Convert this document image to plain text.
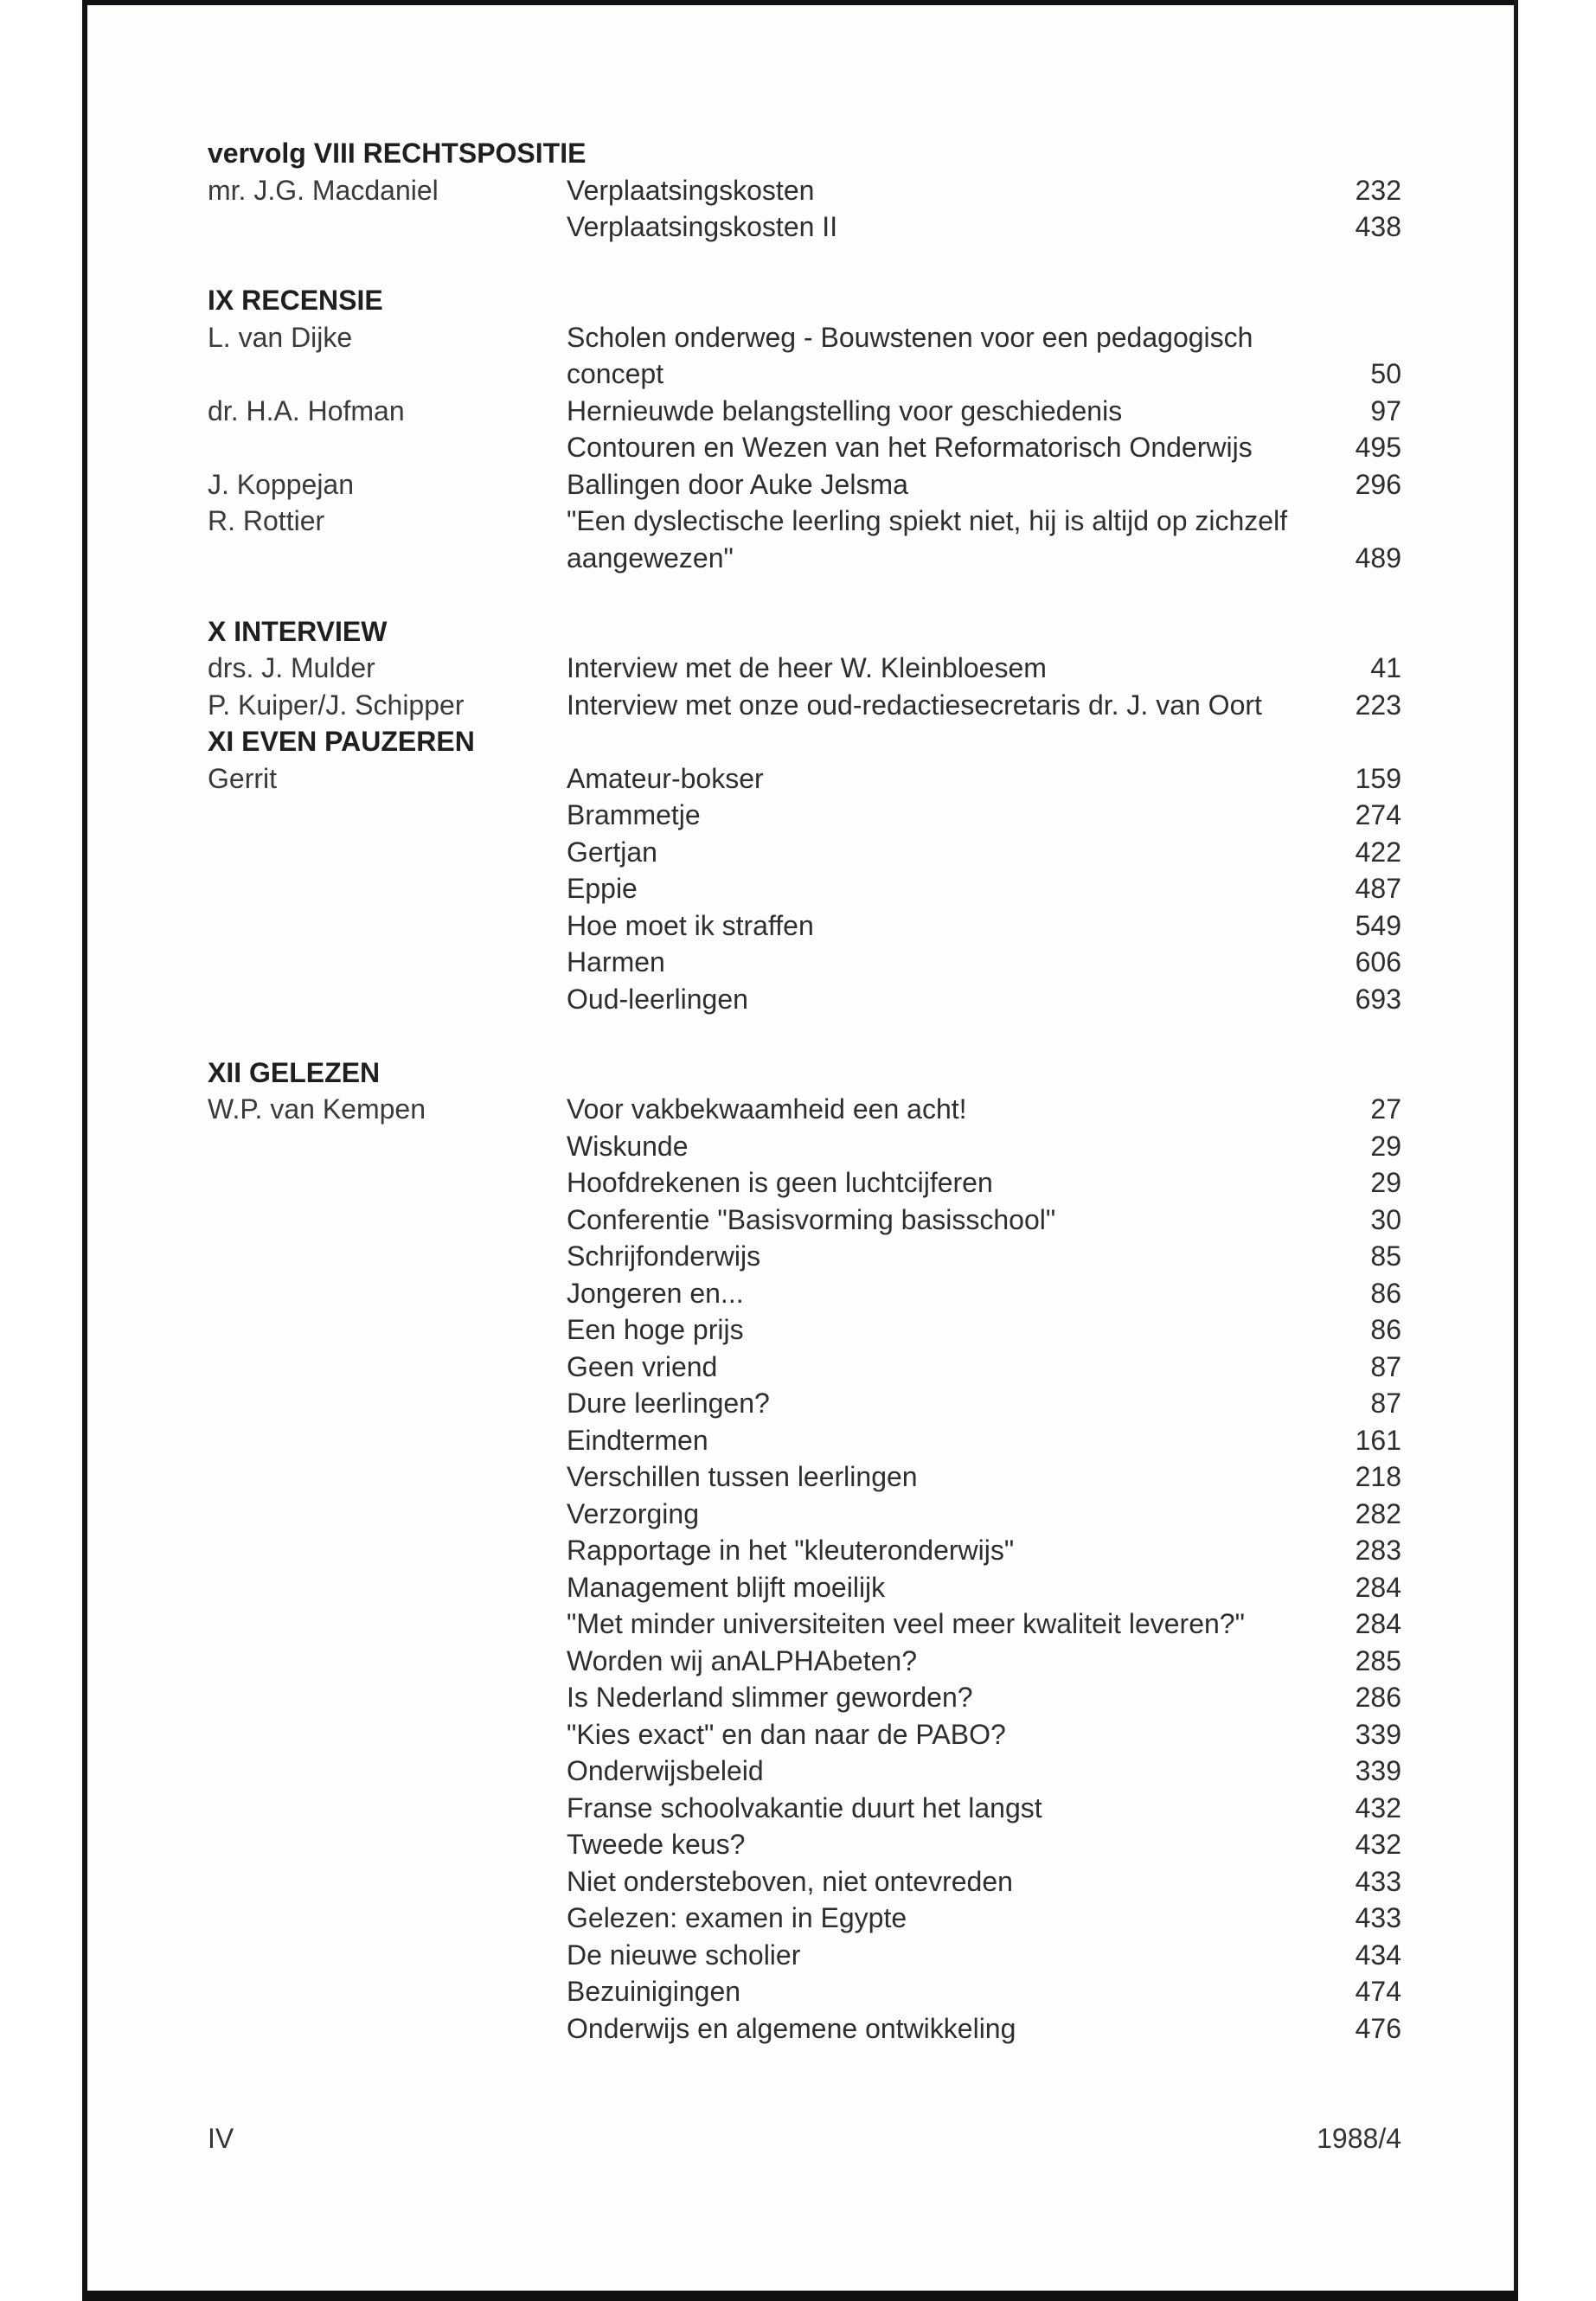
vervolg VIII RECHTSPOSITIE
mr. J.G. Macdaniel	Verplaatsingskosten	232
Verplaatsingskosten II	438
IX RECENSIE
L. van Dijke	Scholen onderweg - Bouwstenen voor een pedagogisch concept	50
dr. H.A. Hofman	Hernieuwde belangstelling voor geschiedenis	97
Contouren en Wezen van het Reformatorisch Onderwijs	495
J. Koppejan	Ballingen door Auke Jelsma	296
R. Rottier	"Een dyslectische leerling spiekt niet, hij is altijd op zichzelf aangewezen"	489
X INTERVIEW
drs. J. Mulder	Interview met de heer W. Kleinbloesem	41
P. Kuiper/J. Schipper	Interview met onze oud-redactiesecretaris dr. J. van Oort	223
XI EVEN PAUZEREN
Gerrit	Amateur-bokser	159
Brammetje	274
Gertjan	422
Eppie	487
Hoe moet ik straffen	549
Harmen	606
Oud-leerlingen	693
XII GELEZEN
W.P. van Kempen	Voor vakbekwaamheid een acht!	27
Wiskunde	29
Hoofdrekenen is geen luchtcijferen	29
Conferentie "Basisvorming basisschool"	30
Schrijfonderwijs	85
Jongeren en...	86
Een hoge prijs	86
Geen vriend	87
Dure leerlingen?	87
Eindtermen	161
Verschillen tussen leerlingen	218
Verzorging	282
Rapportage in het "kleuteronderwijs"	283
Management blijft moeilijk	284
"Met minder universiteiten veel meer kwaliteit leveren?"	284
Worden wij anALPHAbeten?	285
Is Nederland slimmer geworden?	286
"Kies exact" en dan naar de PABO?	339
Onderwijsbeleid	339
Franse schoolvakantie duurt het langst	432
Tweede keus?	432
Niet ondersteboven, niet ontevreden	433
Gelezen: examen in Egypte	433
De nieuwe scholier	434
Bezuinigingen	474
Onderwijs en algemene ontwikkeling	476
IV	1988/4
